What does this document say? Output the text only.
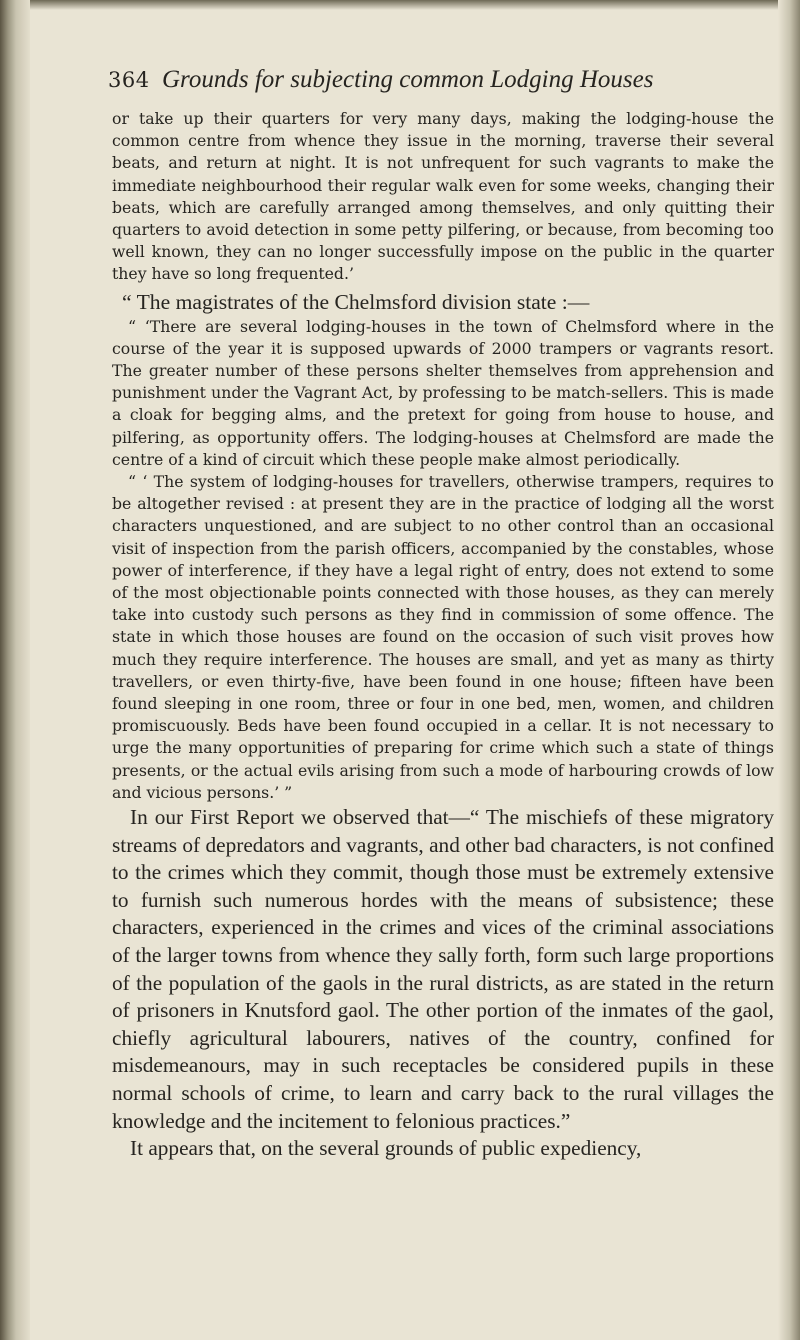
364 Grounds for subjecting common Lodging Houses

or take up their quarters for very many days, making the lodging-house the common centre from whence they issue in the morning, traverse their several beats, and return at night. It is not unfrequent for such vagrants to make the immediate neighbourhood their regular walk even for some weeks, changing their beats, which are carefully arranged among themselves, and only quitting their quarters to avoid detection in some petty pilfering, or because, from becoming too well known, they can no longer successfully impose on the public in the quarter they have so long frequented.’

“ The magistrates of the Chelmsford division state :—

“ ‘There are several lodging-houses in the town of Chelmsford where in the course of the year it is supposed upwards of 2000 trampers or vagrants resort. The greater number of these persons shelter themselves from apprehension and punishment under the Vagrant Act, by professing to be match-sellers. This is made a cloak for begging alms, and the pretext for going from house to house, and pilfering, as opportunity offers. The lodging-houses at Chelmsford are made the centre of a kind of circuit which these people make almost periodically.

“ ‘ The system of lodging-houses for travellers, otherwise trampers, requires to be altogether revised : at present they are in the practice of lodging all the worst characters unquestioned, and are subject to no other control than an occasional visit of inspection from the parish officers, accompanied by the constables, whose power of interference, if they have a legal right of entry, does not extend to some of the most objectionable points connected with those houses, as they can merely take into custody such persons as they find in commission of some offence. The state in which those houses are found on the occasion of such visit proves how much they require interference. The houses are small, and yet as many as thirty travellers, or even thirty-five, have been found in one house; fifteen have been found sleeping in one room, three or four in one bed, men, women, and children promiscuously. Beds have been found occupied in a cellar. It is not necessary to urge the many opportunities of preparing for crime which such a state of things presents, or the actual evils arising from such a mode of harbouring crowds of low and vicious persons.’ ”

In our First Report we observed that—“ The mischiefs of these migratory streams of depredators and vagrants, and other bad characters, is not confined to the crimes which they commit, though those must be extremely extensive to furnish such numerous hordes with the means of subsistence; these characters, experienced in the crimes and vices of the criminal associations of the larger towns from whence they sally forth, form such large proportions of the population of the gaols in the rural districts, as are stated in the return of prisoners in Knutsford gaol. The other portion of the inmates of the gaol, chiefly agricultural labourers, natives of the country, confined for misdemeanours, may in such receptacles be considered pupils in these normal schools of crime, to learn and carry back to the rural villages the knowledge and the incitement to felonious practices.”

It appears that, on the several grounds of public expediency,
